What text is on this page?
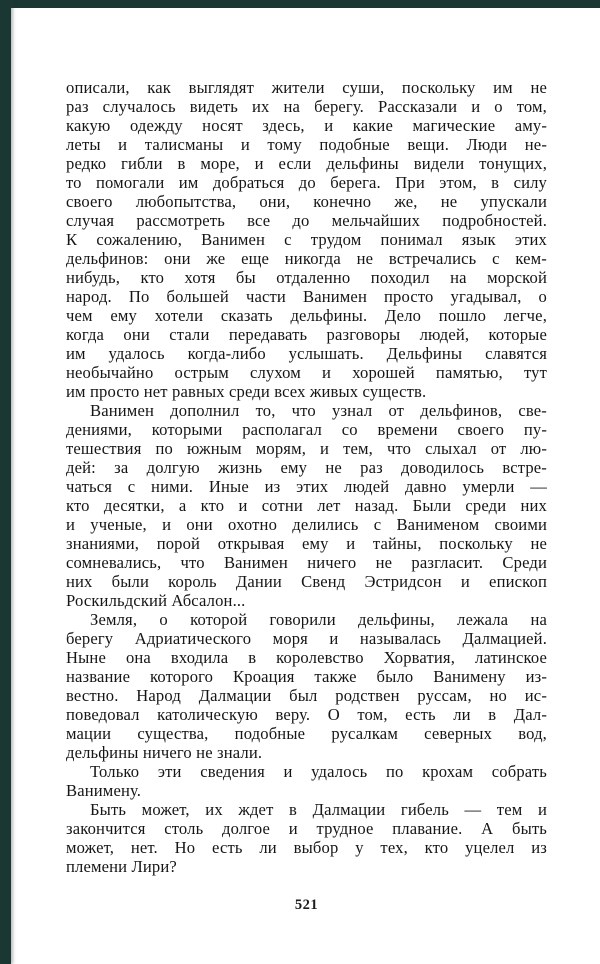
описали, как выглядят жители суши, поскольку им не
раз случалось видеть их на берегу. Рассказали и о том,
какую одежду носят здесь, и какие магические аму-
леты и талисманы и тому подобные вещи. Люди не-
редко гибли в море, и если дельфины видели тонущих,
то помогали им добраться до берега. При этом, в силу
своего любопытства, они, конечно же, не упускали
случая рассмотреть все до мельчайших подробностей.
К сожалению, Ванимен с трудом понимал язык этих
дельфинов: они же еще никогда не встречались с кем-
нибудь, кто хотя бы отдаленно походил на морской
народ. По большей части Ванимен просто угадывал, о
чем ему хотели сказать дельфины. Дело пошло легче,
когда они стали передавать разговоры людей, которые
им удалось когда-либо услышать. Дельфины славятся
необычайно острым слухом и хорошей памятью, тут
им просто нет равных среди всех живых существ.
Ванимен дополнил то, что узнал от дельфинов, све-
дениями, которыми располагал со времени своего пу-
тешествия по южным морям, и тем, что слыхал от лю-
дей: за долгую жизнь ему не раз доводилось встре-
чаться с ними. Иные из этих людей давно умерли —
кто десятки, а кто и сотни лет назад. Были среди них
и ученые, и они охотно делились с Ванименом своими
знаниями, порой открывая ему и тайны, поскольку не
сомневались, что Ванимен ничего не разгласит. Среди
них были король Дании Свенд Эстридсон и епископ
Роскильдский Абсалон...
Земля, о которой говорили дельфины, лежала на
берегу Адриатического моря и называлась Далмацией.
Ныне она входила в королевство Хорватия, латинское
название которого Кроация также было Ванимену из-
вестно. Народ Далмации был родствен руссам, но ис-
поведовал католическую веру. О том, есть ли в Дал-
мации существа, подобные русалкам северных вод,
дельфины ничего не знали.
Только эти сведения и удалось по крохам собрать
Ванимену.
Быть может, их ждет в Далмации гибель — тем и
закончится столь долгое и трудное плавание. А быть
может, нет. Но есть ли выбор у тех, кто уцелел из
племени Лири?
521
